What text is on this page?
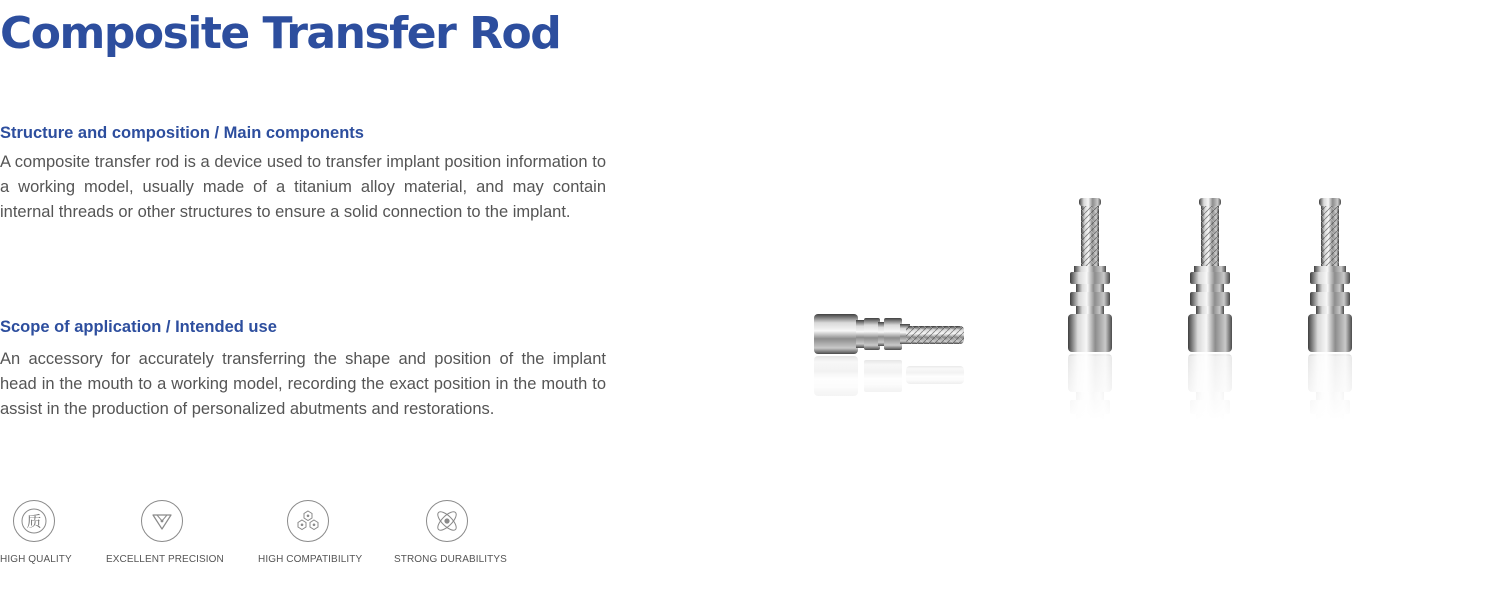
Composite Transfer Rod
Structure and composition / Main components

A composite transfer rod is a device used to transfer implant position information to a working model, usually made of a titanium alloy material, and may contain internal threads or other structures to ensure a solid connection to the implant.

Scope of application / Intended use

An accessory for accurately transferring the shape and position of the implant head in the mouth to a working model, recording the exact position in the mouth to assist in the production of personalized abutments and restorations.

质
HIGH QUALITY	EXCELLENT PRECISION	HIGH COMPATIBILITY	STRONG DURABILITYS
